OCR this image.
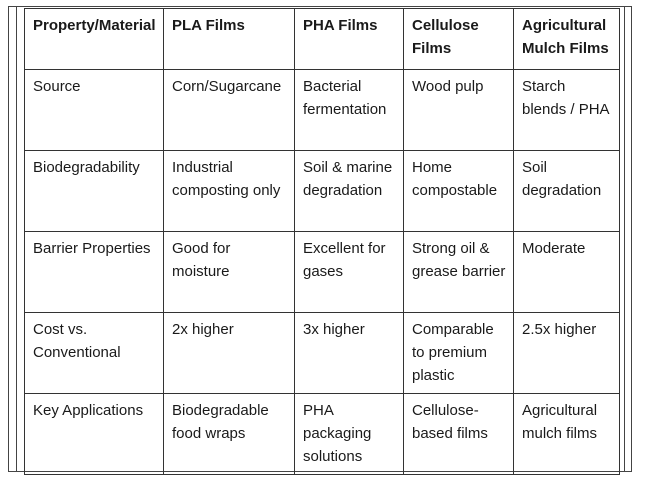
Property/Material	PLA Films	PHA Films	Cellulose Films	Agricultural Mulch Films
Source	Corn/Sugarcane	Bacterial fermentation	Wood pulp	Starch blends / PHA
Biodegradability	Industrial composting only	Soil & marine degradation	Home compostable	Soil degradation
Barrier Properties	Good for moisture	Excellent for gases	Strong oil & grease barrier	Moderate
Cost vs. Conventional	2x higher	3x higher	Comparable to premium plastic	2.5x higher
Key Applications	Biodegradable food wraps	PHA packaging solutions	Cellulose-based films	Agricultural mulch films
